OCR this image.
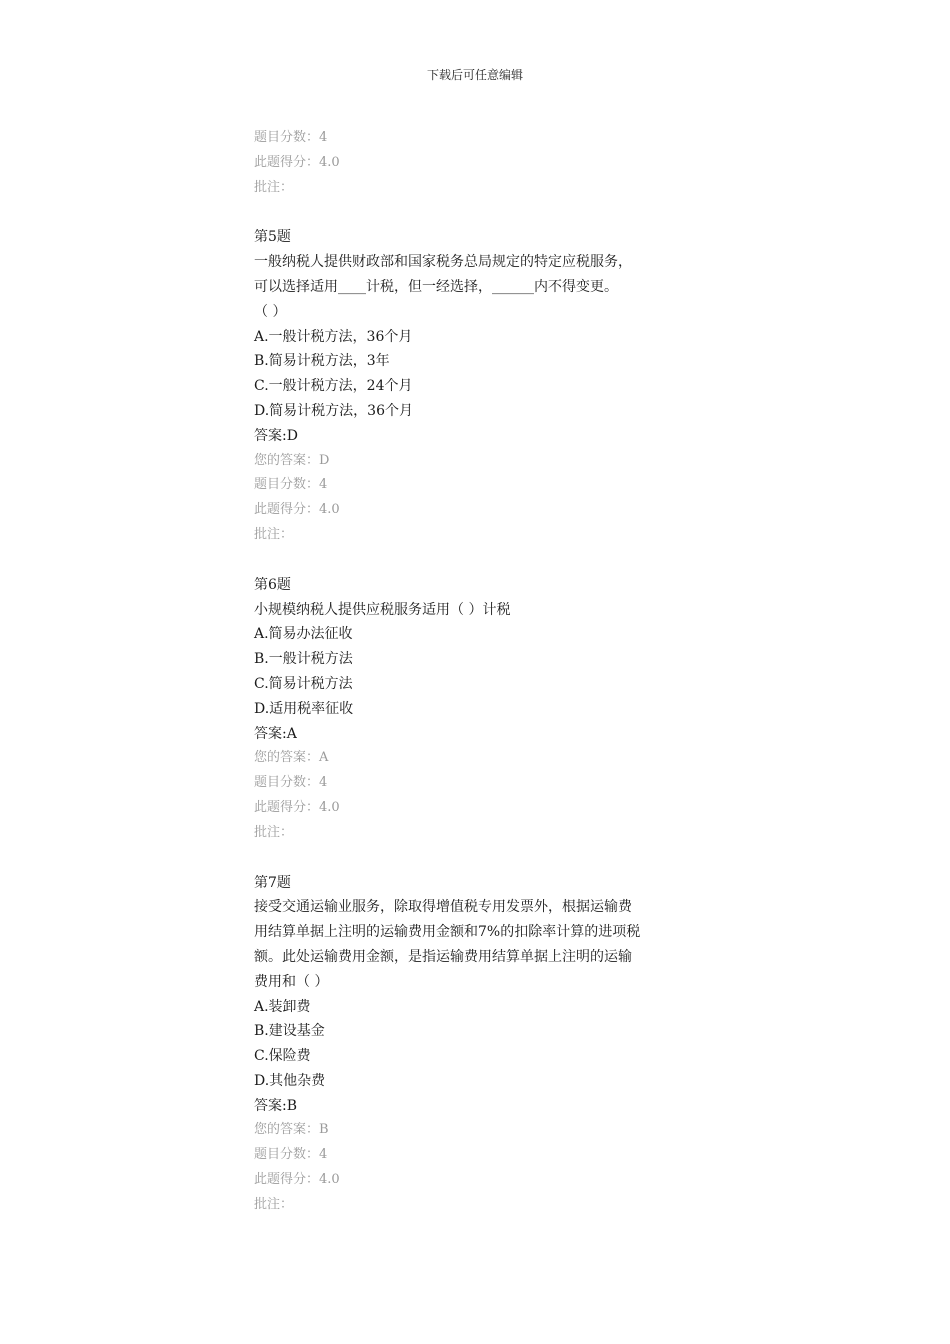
下载后可任意编辑
题目分数：4
此题得分：4.0
批注：
第5题
一般纳税人提供财政部和国家税务总局规定的特定应税服务，
可以选择适用____计税，但一经选择，______内不得变更。
（ ）
A.一般计税方法，36个月
B.简易计税方法，3年
C.一般计税方法，24个月
D.简易计税方法，36个月
答案:D
您的答案：D
题目分数：4
此题得分：4.0
批注：
第6题
小规模纳税人提供应税服务适用（ ）计税
A.简易办法征收
B.一般计税方法
C.简易计税方法
D.适用税率征收
答案:A
您的答案：A
题目分数：4
此题得分：4.0
批注：
第7题
接受交通运输业服务，除取得增值税专用发票外，根据运输费
用结算单据上注明的运输费用金额和7%的扣除率计算的进项税
额。此处运输费用金额，是指运输费用结算单据上注明的运输
费用和（ ）
A.装卸费
B.建设基金
C.保险费
D.其他杂费
答案:B
您的答案：B
题目分数：4
此题得分：4.0
批注：
